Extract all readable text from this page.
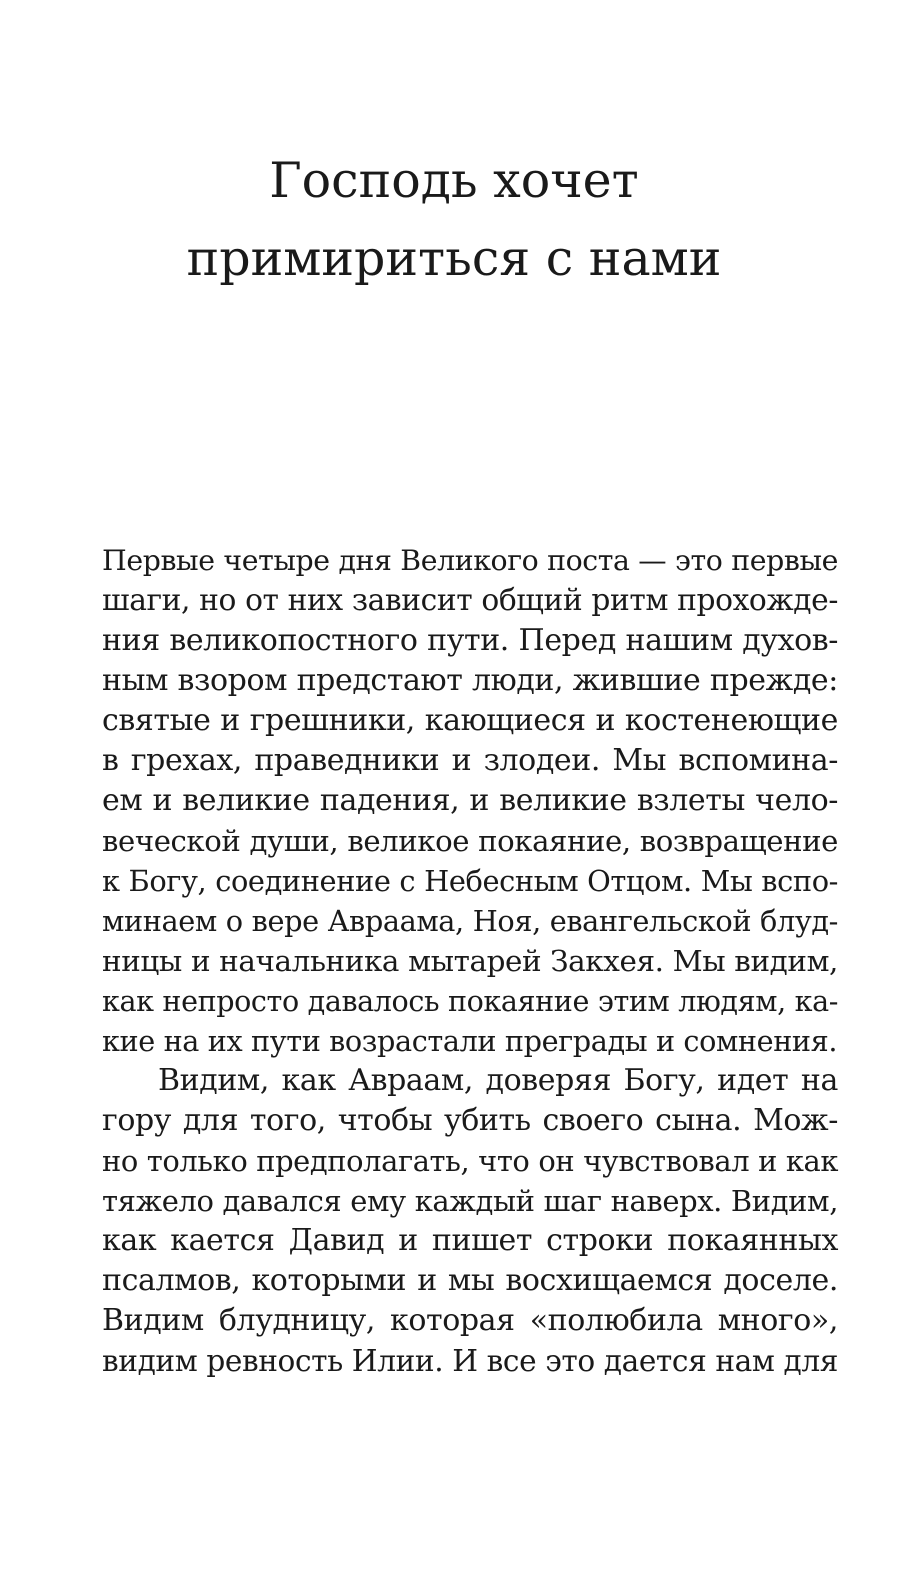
Господь хочет
примириться с нами
Первые четыре дня Великого поста — это первые
шаги, но от них зависит общий ритм прохожде-
ния великопостного пути. Перед нашим духов-
ным взором предстают люди, жившие прежде:
святые и грешники, кающиеся и костенеющие
в грехах, праведники и злодеи. Мы вспомина-
ем и великие падения, и великие взлеты чело-
веческой души, великое покаяние, возвращение
к Богу, соединение с Небесным Отцом. Мы вспо-
минаем о вере Авраама, Ноя, евангельской блуд-
ницы и начальника мытарей Закхея. Мы видим,
как непросто давалось покаяние этим людям, ка-
кие на их пути возрастали преграды и сомнения.
Видим, как Авраам, доверяя Богу, идет на
гору для того, чтобы убить своего сына. Мож-
но только предполагать, что он чувствовал и как
тяжело давался ему каждый шаг наверх. Видим,
как кается Давид и пишет строки покаянных
псалмов, которыми и мы восхищаемся доселе.
Видим блудницу, которая «полюбила много»,
видим ревность Илии. И все это дается нам для
